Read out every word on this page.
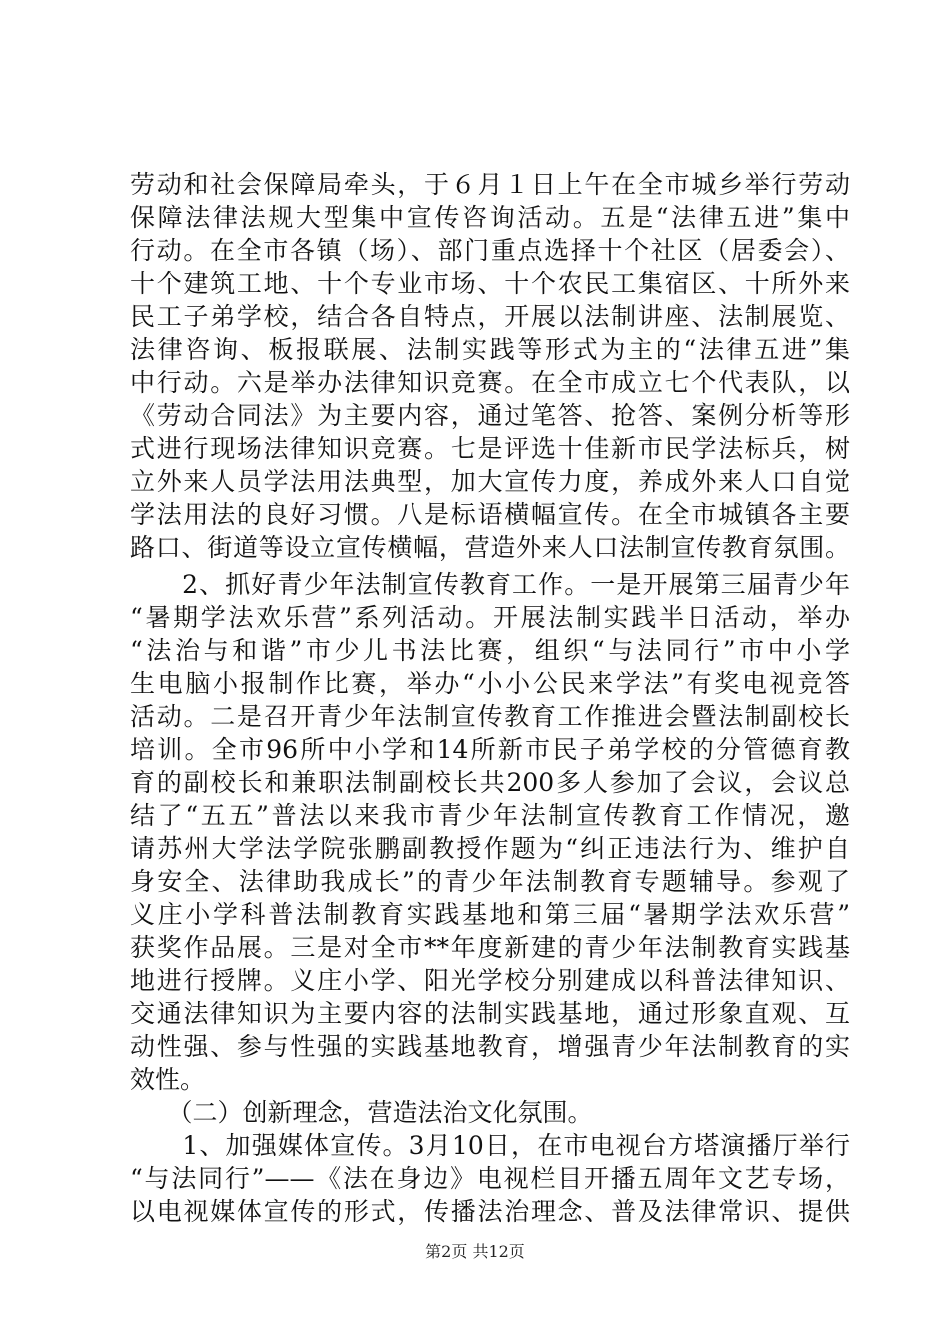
劳动和社会保障局牵头，于６月１日上午在全市城乡举行劳动
保障法律法规大型集中宣传咨询活动。五是“法律五进”集中
行动。在全市各镇（场）、部门重点选择十个社区（居委会）、
十个建筑工地、十个专业市场、十个农民工集宿区、十所外来
民工子弟学校，结合各自特点，开展以法制讲座、法制展览、
法律咨询、板报联展、法制实践等形式为主的“法律五进”集
中行动。六是举办法律知识竞赛。在全市成立七个代表队，以
《劳动合同法》为主要内容，通过笔答、抢答、案例分析等形
式进行现场法律知识竞赛。七是评选十佳新市民学法标兵，树
立外来人员学法用法典型，加大宣传力度，养成外来人口自觉
学法用法的良好习惯。八是标语横幅宣传。在全市城镇各主要
路口、街道等设立宣传横幅，营造外来人口法制宣传教育氛围。
　　2、抓好青少年法制宣传教育工作。一是开展第三届青少年
“暑期学法欢乐营”系列活动。开展法制实践半日活动，举办
“法治与和谐”市少儿书法比赛，组织“与法同行”市中小学
生电脑小报制作比赛，举办“小小公民来学法”有奖电视竞答
活动。二是召开青少年法制宣传教育工作推进会暨法制副校长
培训。全市96所中小学和14所新市民子弟学校的分管德育教
育的副校长和兼职法制副校长共200多人参加了会议，会议总
结了“五五”普法以来我市青少年法制宣传教育工作情况，邀
请苏州大学法学院张鹏副教授作题为“纠正违法行为、维护自
身安全、法律助我成长”的青少年法制教育专题辅导。参观了
义庄小学科普法制教育实践基地和第三届“暑期学法欢乐营”
获奖作品展。三是对全市**年度新建的青少年法制教育实践基
地进行授牌。义庄小学、阳光学校分别建成以科普法律知识、
交通法律知识为主要内容的法制实践基地，通过形象直观、互
动性强、参与性强的实践基地教育，增强青少年法制教育的实
效性。
　　（二）创新理念，营造法治文化氛围。
　　1、加强媒体宣传。3月10日，在市电视台方塔演播厅举行
“与法同行”——《法在身边》电视栏目开播五周年文艺专场，
以电视媒体宣传的形式，传播法治理念、普及法律常识、提供
第2页 共12页
